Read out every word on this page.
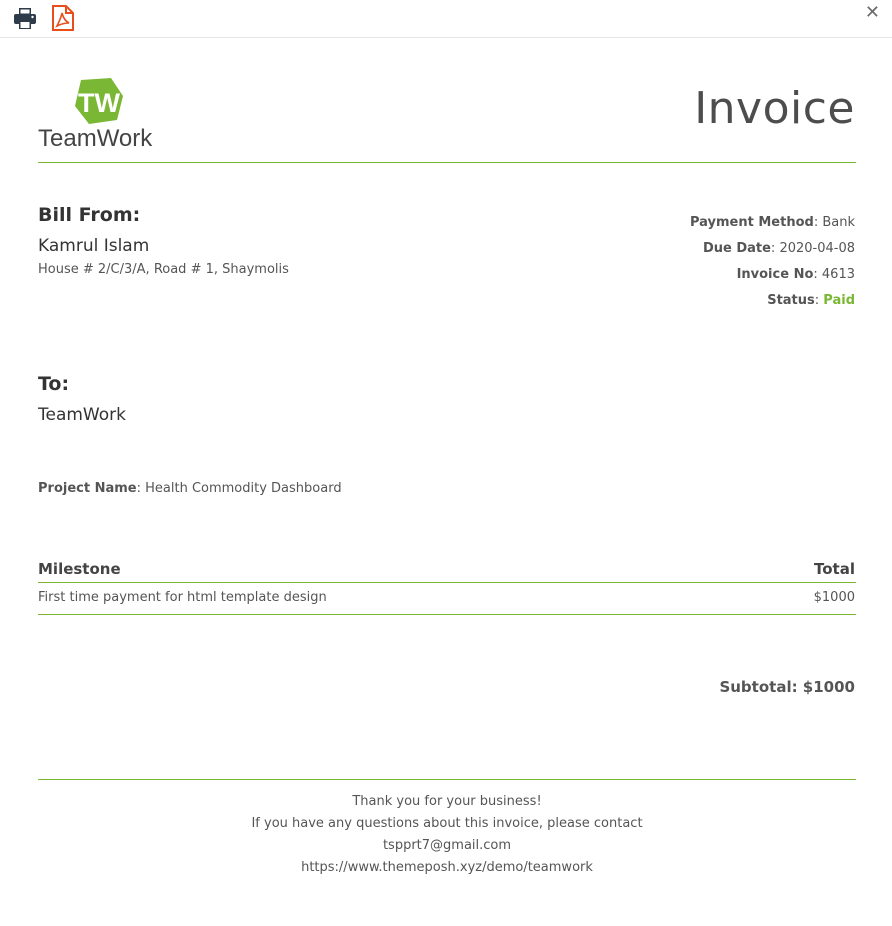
✕
TW
TeamWork
Invoice
Bill From:
Kamrul Islam
House # 2/C/3/A, Road # 1, Shaymolis
Payment Method: Bank
Due Date: 2020-04-08
Invoice No: 4613
Status: Paid
To:
TeamWork
Project Name: Health Commodity Dashboard
Milestone	Total
First time payment for html template design	$1000
Subtotal: $1000
Thank you for your business!
If you have any questions about this invoice, please contact
tspprt7@gmail.com
https://www.themeposh.xyz/demo/teamwork
